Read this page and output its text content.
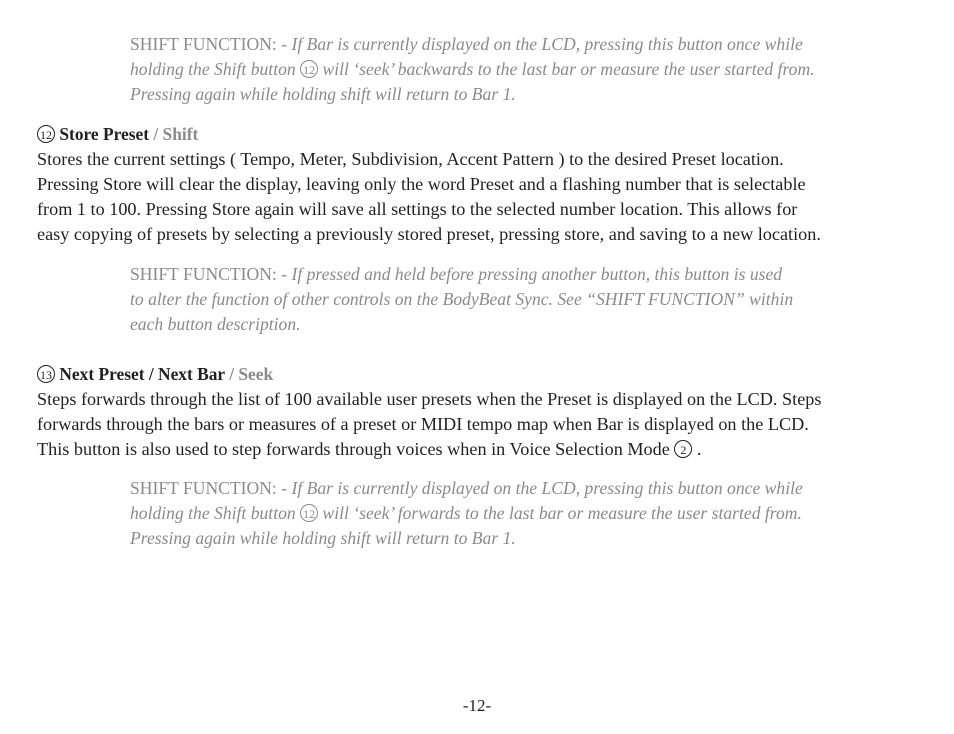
SHIFT FUNCTION: - If Bar is currently displayed on the LCD, pressing this button once while
holding the Shift button 12 will ‘seek’ backwards to the last bar or measure the user started from.
Pressing again while holding shift will return to Bar 1.
12 Store Preset / Shift
Stores the current settings ( Tempo, Meter, Subdivision, Accent Pattern ) to the desired Preset location.
Pressing Store will clear the display, leaving only the word Preset and a flashing number that is selectable
from 1 to 100. Pressing Store again will save all settings to the selected number location. This allows for
easy copying of presets by selecting a previously stored preset, pressing store, and saving to a new location.
SHIFT FUNCTION: - If pressed and held before pressing another button, this button is used
to alter the function of other controls on the BodyBeat Sync. See “SHIFT FUNCTION” within
each button description.
13 Next Preset / Next Bar / Seek
Steps forwards through the list of 100 available user presets when the Preset is displayed on the LCD. Steps
forwards through the bars or measures of a preset or MIDI tempo map when Bar is displayed on the LCD.
This button is also used to step forwards through voices when in Voice Selection Mode 2 .
SHIFT FUNCTION: - If Bar is currently displayed on the LCD, pressing this button once while
holding the Shift button 12 will ‘seek’ forwards to the last bar or measure the user started from.
Pressing again while holding shift will return to Bar 1.
-12-
